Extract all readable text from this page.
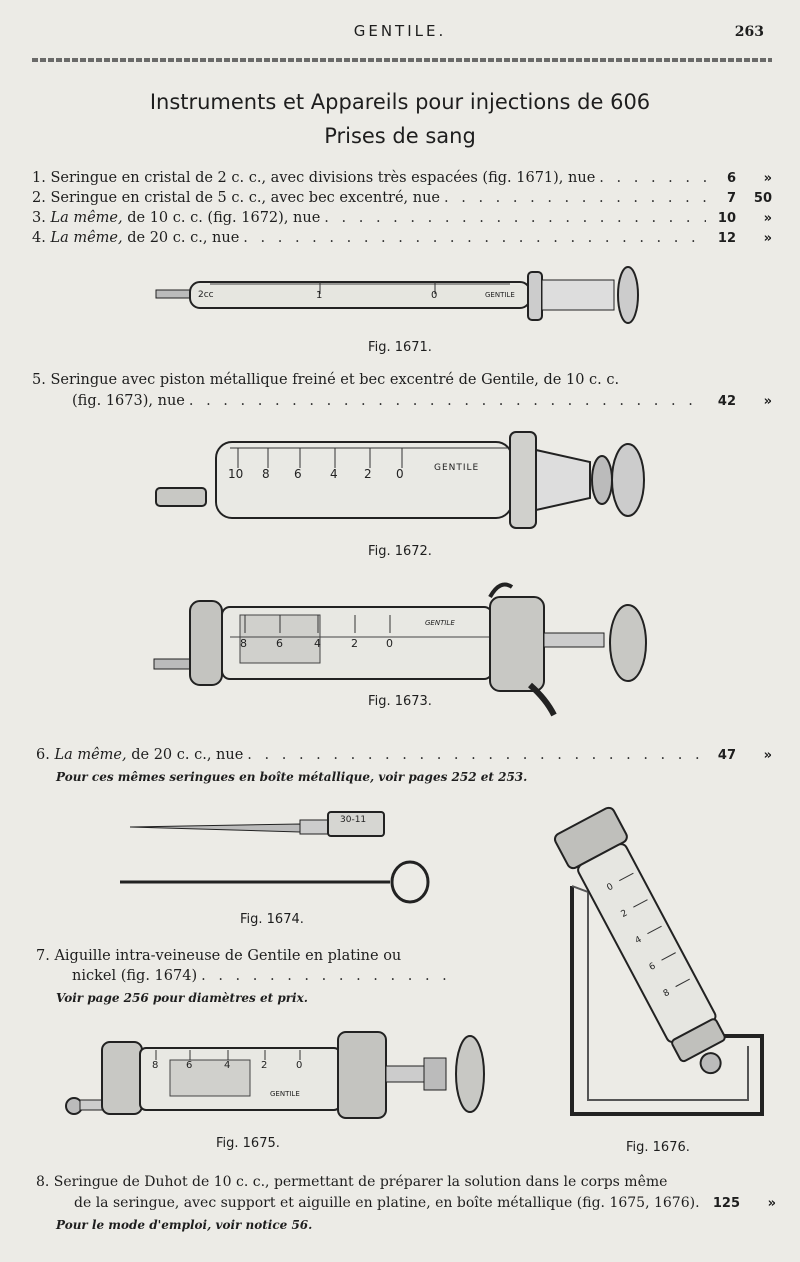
GENTILE.	263
Instruments et Appareils pour injections de 606
Prises de sang
1.
Seringue en cristal de 2 c. c., avec divisions très espacées (fig. 1671), nue . . .	6	»
2.
Seringue en cristal de 5 c. c., avec bec excentré, nue . . .	7	50
3.
La même,
de 10 c. c. (fig. 1672), nue . . .	10	»
4.
La même,
de 20 c. c., nue . . .	12	»
2cc	1	0	GENTILE
Fig. 1671.
5. Seringue avec piston métallique freiné et bec excentré de Gentile, de 10 c. c.
(fig. 1673), nue . . .	42	»
10 8 6 4 2 0	GENTILE
Fig. 1672.
8	6	4	2	0
GENTILE
Fig. 1673.
6.
La même,
de 20 c. c., nue . . .	47	»
Pour ces mêmes seringues en boîte métallique, voir pages 252 et 253.
30-11
Fig. 1674.
7. Aiguille intra-veineuse de Gentile en platine ou
nickel (fig. 1674)
. . .
Voir page 256 pour diamètres et prix.
8	6	4	2	0
GENTILE
Fig. 1675.
0
2
4
6
8
Fig. 1676.
8. Seringue de Duhot de 10 c. c., permettant de préparer la solution dans le corps même
de la seringue, avec support et aiguille en platine, en boîte métallique (fig. 1675, 1676). 125	»
Pour le mode d'emploi, voir notice 56.
